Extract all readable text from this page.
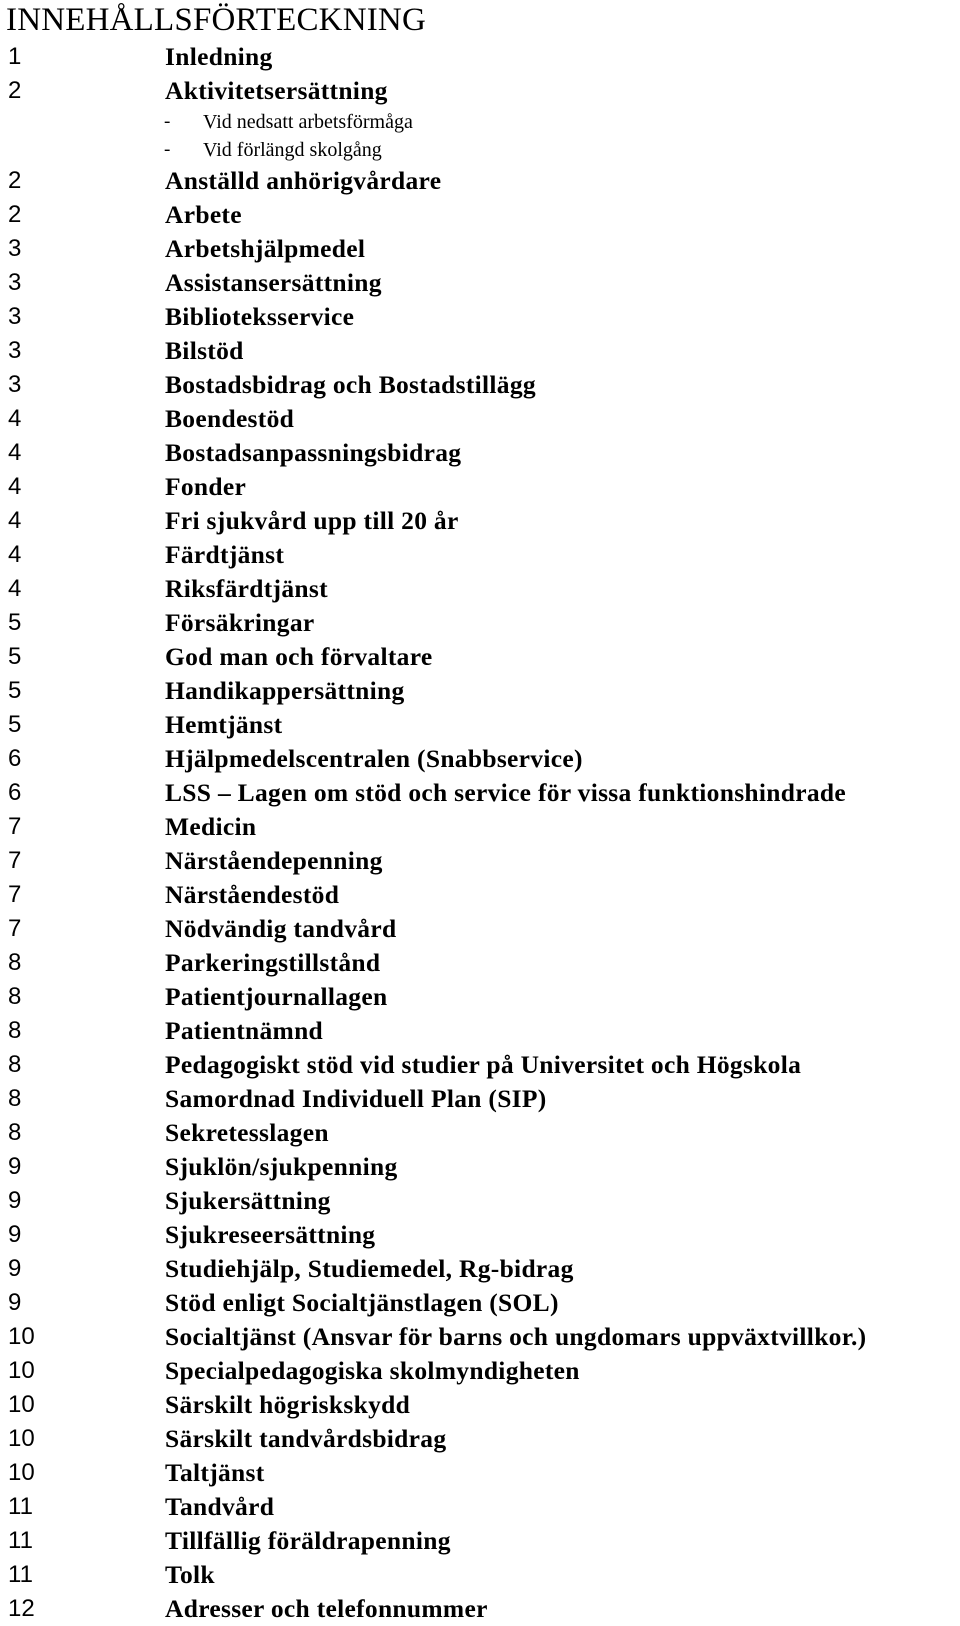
INNEHÅLLSFÖRTECKNING
1	Inledning
2	Aktivitetsersättning
- Vid nedsatt arbetsförmåga
- Vid förlängd skolgång
2	Anställd anhörigvårdare
2	Arbete
3	Arbetshjälpmedel
3	Assistansersättning
3	Biblioteksservice
3	Bilstöd
3	Bostadsbidrag och Bostadstillägg
4	Boendestöd
4	Bostadsanpassningsbidrag
4	Fonder
4	Fri sjukvård upp till 20 år
4	Färdtjänst
4	Riksfärdtjänst
5	Försäkringar
5	God man och förvaltare
5	Handikappersättning
5	Hemtjänst
6	Hjälpmedelscentralen (Snabbservice)
6	LSS – Lagen om stöd och service för vissa funktionshindrade
7	Medicin
7	Närståendepenning
7	Närståendestöd
7	Nödvändig tandvård
8	Parkeringstillstånd
8	Patientjournallagen
8	Patientnämnd
8	Pedagogiskt stöd vid studier på Universitet och Högskola
8	Samordnad Individuell Plan (SIP)
8	Sekretesslagen
9	Sjuklön/sjukpenning
9	Sjukersättning
9	Sjukreseersättning
9	Studiehjälp, Studiemedel, Rg-bidrag
9	Stöd enligt Socialtjänstlagen (SOL)
10	Socialtjänst (Ansvar för barns och ungdomars uppväxtvillkor.)
10	Specialpedagogiska skolmyndigheten
10	Särskilt högriskskydd
10	Särskilt tandvårdsbidrag
10	Taltjänst
11	Tandvård
11	Tillfällig föräldrapenning
11	Tolk
12	Adresser och telefonnummer
